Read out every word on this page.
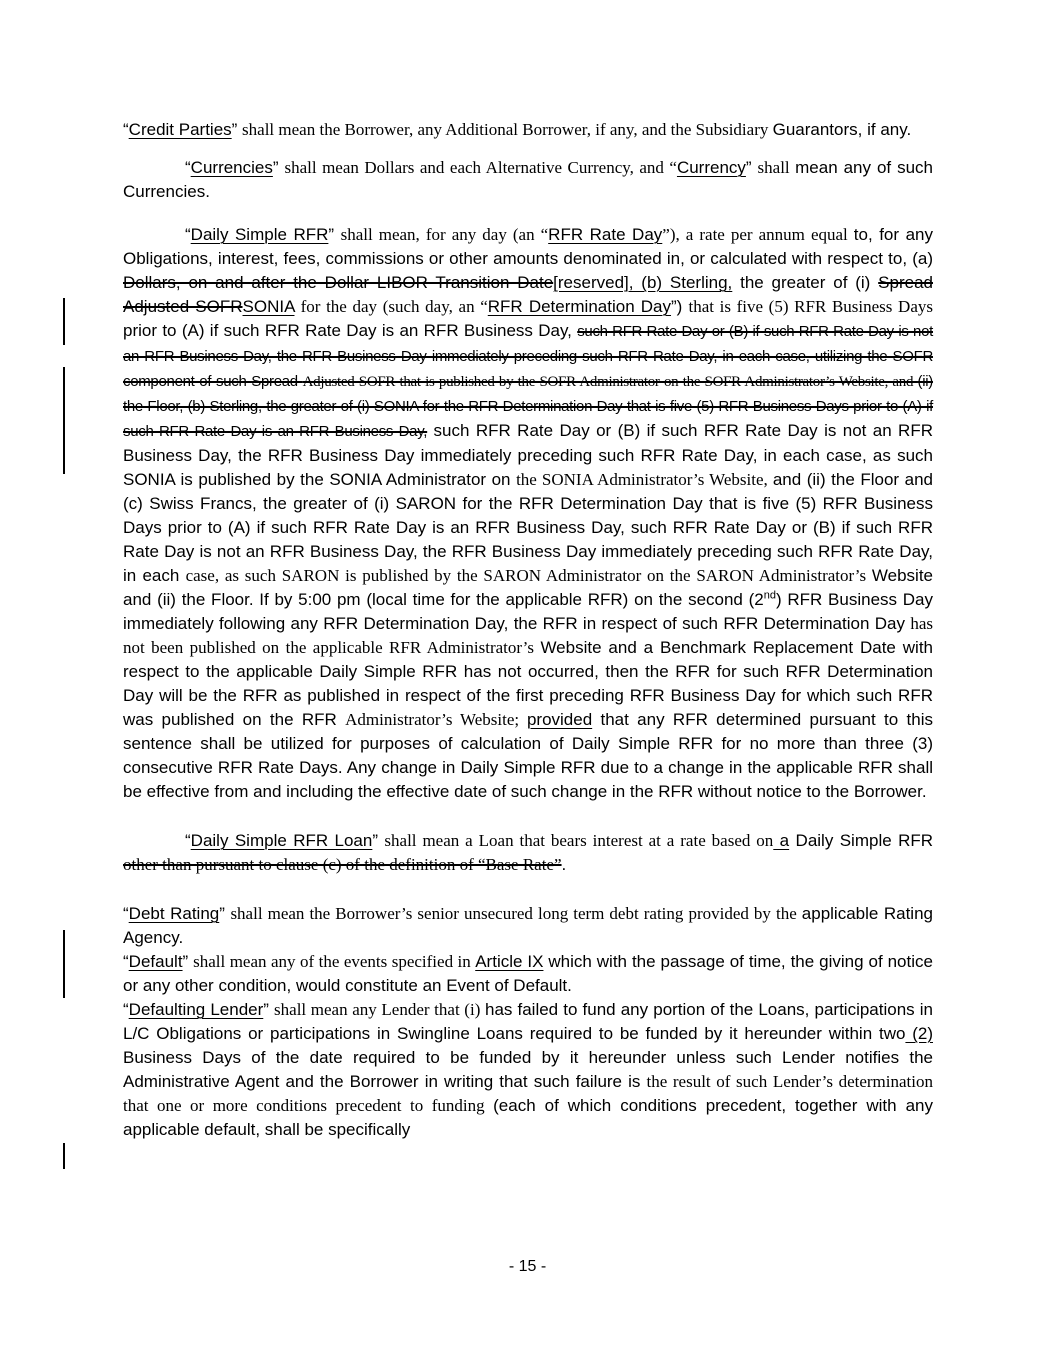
“Credit Parties” shall mean the Borrower, any Additional Borrower, if any, and the Subsidiary Guarantors, if any.

“Currencies” shall mean Dollars and each Alternative Currency, and “Currency” shall mean any of such Currencies.

“Daily Simple RFR” shall mean, for any day (an “RFR Rate Day”), a rate per annum equal to, for any Obligations, interest, fees, commissions or other amounts denominated in, or calculated with respect to, (a) Dollars, on and after the Dollar LIBOR Transition Date[reserved], (b) Sterling, the greater of (i) Spread Adjusted SOFRSONIA for the day (such day, an “RFR Determination Day”) that is five (5) RFR Business Days prior to (A) if such RFR Rate Day is an RFR Business Day, such RFR Rate Day or (B) if such RFR Rate Day is not an RFR Business Day, the RFR Business Day immediately preceding such RFR Rate Day, in each case, utilizing the SOFR component of such Spread Adjusted SOFR that is published by the SOFR Administrator on the SOFR Administrator’s Website, and (ii) the Floor, (b) Sterling, the greater of (i) SONIA for the RFR Determination Day that is five (5) RFR Business Days prior to (A) if such RFR Rate Day is an RFR Business Day, such RFR Rate Day or (B) if such RFR Rate Day is not an RFR Business Day, the RFR Business Day immediately preceding such RFR Rate Day, in each case, as such SONIA is published by the SONIA Administrator on the SONIA Administrator’s Website, and (ii) the Floor and (c) Swiss Francs, the greater of (i) SARON for the RFR Determination Day that is five (5) RFR Business Days prior to (A) if such RFR Rate Day is an RFR Business Day, such RFR Rate Day or (B) if such RFR Rate Day is not an RFR Business Day, the RFR Business Day immediately preceding such RFR Rate Day, in each case, as such SARON is published by the SARON Administrator on the SARON Administrator’s Website and (ii) the Floor. If by 5:00 pm (local time for the applicable RFR) on the second (2nd) RFR Business Day immediately following any RFR Determination Day, the RFR in respect of such RFR Determination Day has not been published on the applicable RFR Administrator’s Website and a Benchmark Replacement Date with respect to the applicable Daily Simple RFR has not occurred, then the RFR for such RFR Determination Day will be the RFR as published in respect of the first preceding RFR Business Day for which such RFR was published on the RFR Administrator’s Website; provided that any RFR determined pursuant to this sentence shall be utilized for purposes of calculation of Daily Simple RFR for no more than three (3) consecutive RFR Rate Days. Any change in Daily Simple RFR due to a change in the applicable RFR shall be effective from and including the effective date of such change in the RFR without notice to the Borrower.

“Daily Simple RFR Loan” shall mean a Loan that bears interest at a rate based on a Daily Simple RFR other than pursuant to clause (c) of the definition of “Base Rate”.

“Debt Rating” shall mean the Borrower’s senior unsecured long term debt rating provided by the applicable Rating Agency.

“Default” shall mean any of the events specified in Article IX which with the passage of time, the giving of notice or any other condition, would constitute an Event of Default.

“Defaulting Lender” shall mean any Lender that (i) has failed to fund any portion of the Loans, participations in L/C Obligations or participations in Swingline Loans required to be funded by it hereunder within two (2) Business Days of the date required to be funded by it hereunder unless such Lender notifies the Administrative Agent and the Borrower in writing that such failure is the result of such Lender’s determination that one or more conditions precedent to funding (each of which conditions precedent, together with any applicable default, shall be specifically

- 15 -
